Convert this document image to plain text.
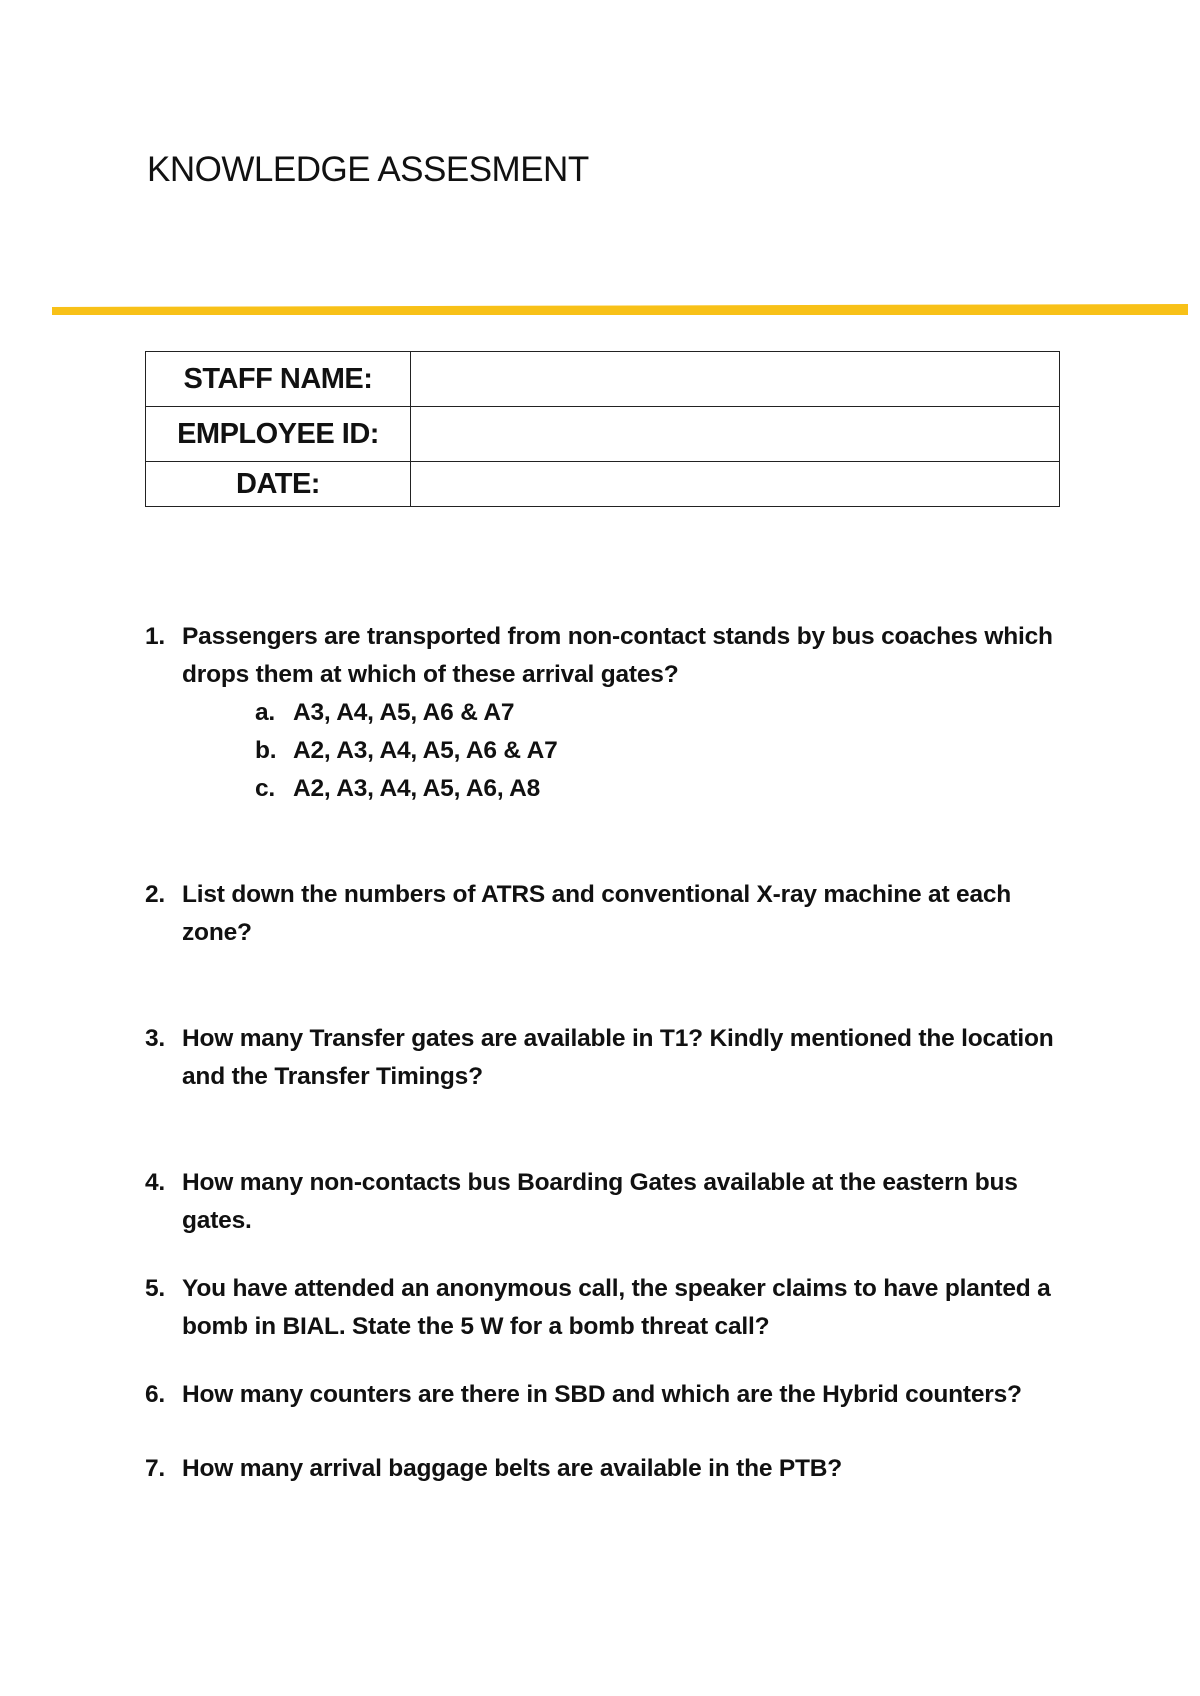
KNOWLEDGE ASSESMENT
STAFF NAME:	
EMPLOYEE ID:	
DATE:	
1. Passengers are transported from non-contact stands by bus coaches which drops them at which of these arrival gates?
a. A3, A4, A5, A6 & A7
b. A2, A3, A4, A5, A6 & A7
c. A2, A3, A4, A5, A6, A8
2. List down the numbers of ATRS and conventional X-ray machine at each zone?
3. How many Transfer gates are available in T1? Kindly mentioned the location and the Transfer Timings?
4. How many non-contacts bus Boarding Gates available at the eastern bus gates.
5. You have attended an anonymous call, the speaker claims to have planted a bomb in BIAL. State the 5 W for a bomb threat call?
6. How many counters are there in SBD and which are the Hybrid counters?
7. How many arrival baggage belts are available in the PTB?
